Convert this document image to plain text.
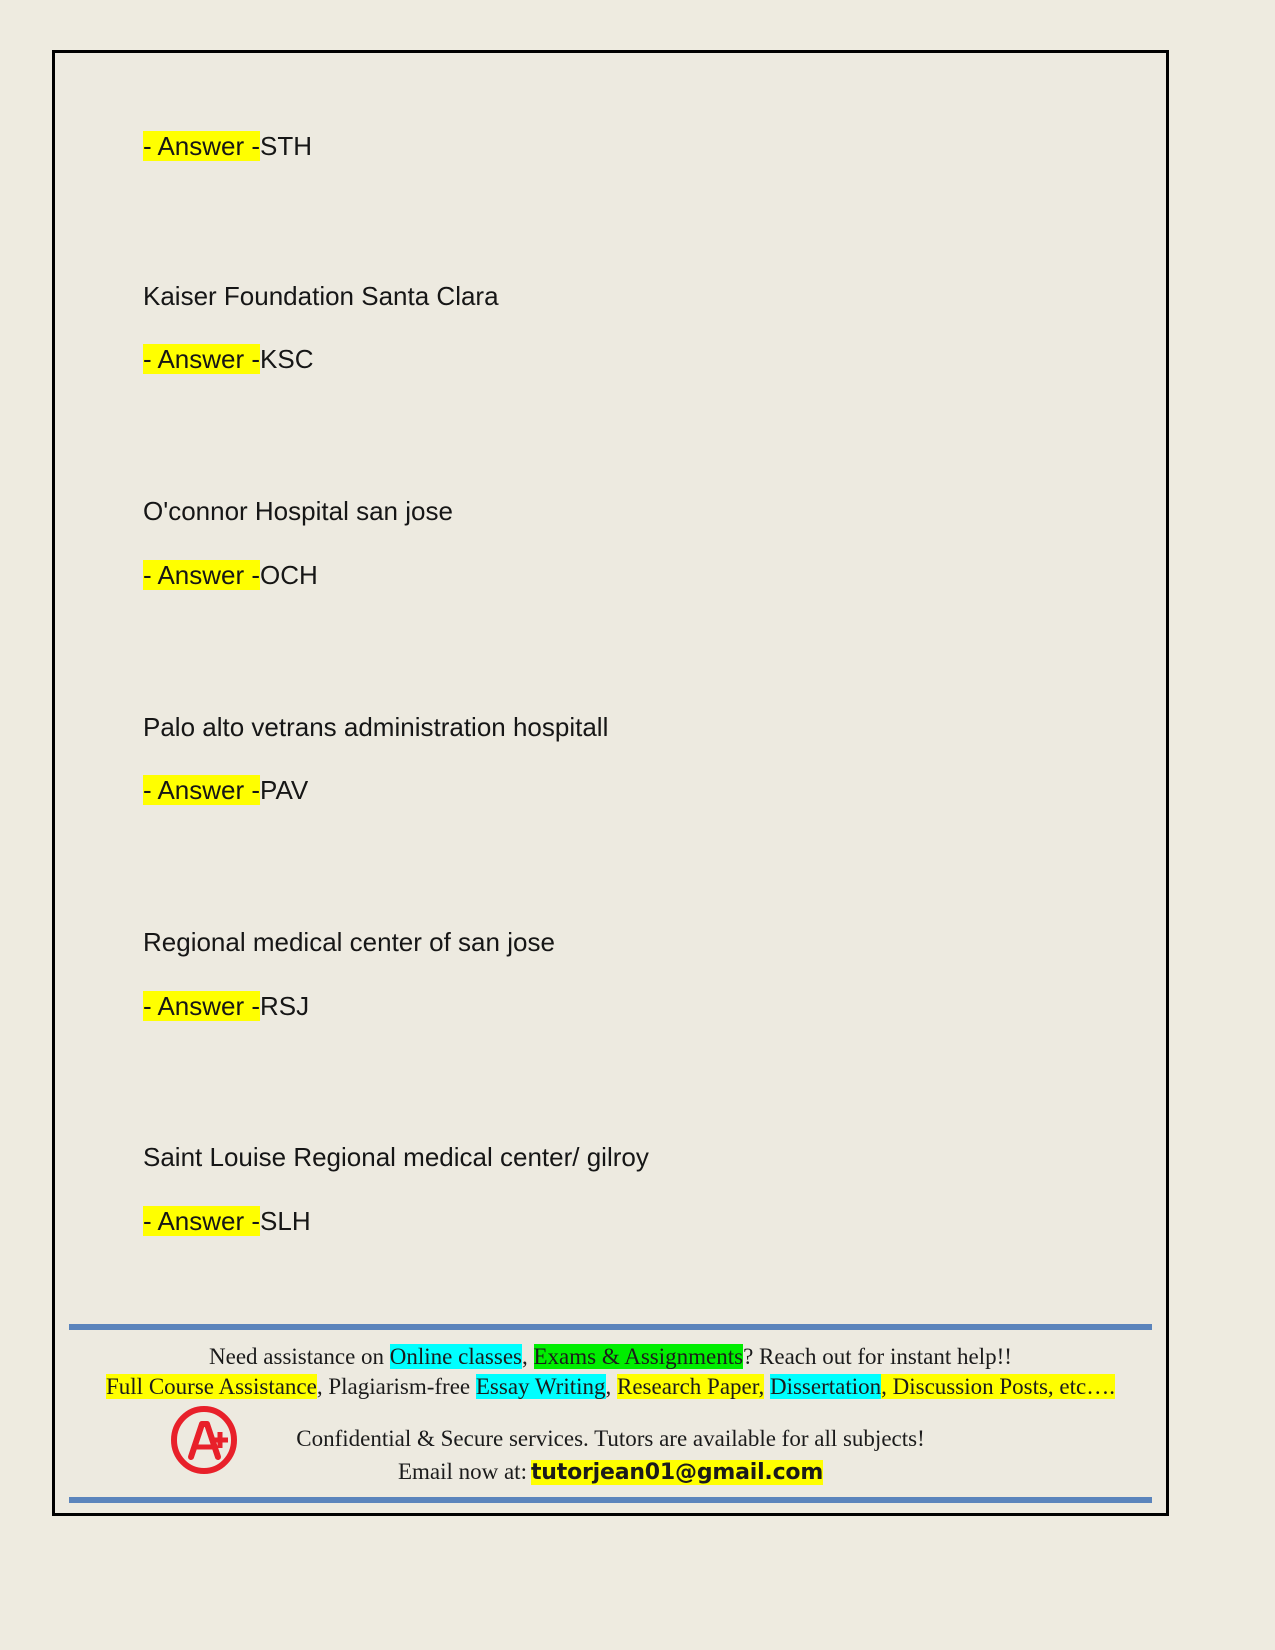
- Answer -STH
Kaiser Foundation Santa Clara
- Answer -KSC
O'connor Hospital san jose
- Answer -OCH
Palo alto vetrans administration hospitall
- Answer -PAV
Regional medical center of san jose
- Answer -RSJ
Saint Louise Regional medical center/ gilroy
- Answer -SLH
Need assistance on Online classes, Exams & Assignments? Reach out for instant help!!
Full Course Assistance, Plagiarism-free Essay Writing, Research Paper, Dissertation, Discussion Posts, etc….
Confidential & Secure services. Tutors are available for all subjects!
Email now at: tutorjean01@gmail.com
